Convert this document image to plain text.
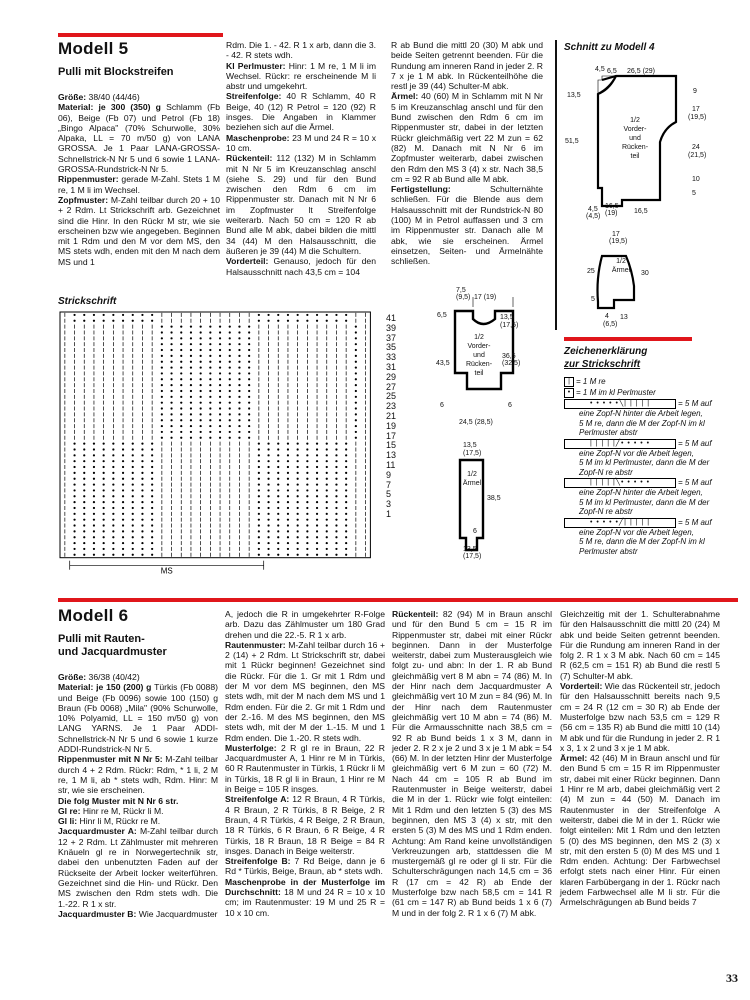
Modell 5
Pulli mit Blockstreifen

Größe: 38/40 (44/46)

Material: je 300 (350) g Schlamm (Fb 06), Beige (Fb 07) und Petrol (Fb 18) „Bingo Alpaca" (70% Schurwolle, 30% Alpaka, LL = 70 m/50 g) von LANA GROSSA. Je 1 Paar LANA-GROSSA-Schnellstrick-N Nr 5 und 6 sowie 1 LANA-GROSSA-Rundstrick-N Nr 5.

Rippenmuster: gerade M-Zahl. Stets 1 M re, 1 M li im Wechsel.

Zopfmuster: M-Zahl teilbar durch 20 + 10 + 2 Rdm. Lt Strickschrift arb. Gezeichnet sind die Hinr. In den Rückr M str, wie sie erscheinen bzw wie angegeben. Beginnen mit 1 Rdm und den M vor dem MS, den MS stets wdh, enden mit den M nach dem MS und 1

Rdm. Die 1. - 42. R 1 x arb, dann die 3. - 42. R stets wdh.

Kl Perlmuster: Hinr: 1 M re, 1 M li im Wechsel. Rückr: re erscheinende M li abstr und umgekehrt.

Streifenfolge: 40 R Schlamm, 40 R Beige, 40 (12) R Petrol = 120 (92) R insges. Die Angaben in Klammer beziehen sich auf die Ärmel.

Maschenprobe: 23 M und 24 R = 10 x 10 cm.

Rückenteil: 112 (132) M in Schlamm mit N Nr 5 im Kreuzanschlag anschl (siehe S. 29) und für den Bund zwischen den Rdm 6 cm im Rippenmuster str. Danach mit N Nr 6 im Zopfmuster lt Streifenfolge weiterarb. Nach 50 cm = 120 R ab Bund alle M abk, dabei bilden die mittl 34 (44) M den Halsausschnitt, die äußeren je 39 (44) M die Schultern.

Vorderteil: Genauso, jedoch für den Halsausschnitt nach 43,5 cm = 104

R ab Bund die mittl 20 (30) M abk und beide Seiten getrennt beenden. Für die Rundung am inneren Rand in jeder 2. R 7 x je 1 M abk. In Rückenteilhöhe die restl je 39 (44) Schulter-M abk.

Ärmel: 40 (60) M in Schlamm mit N Nr 5 im Kreuzanschlag anschl und für den Bund zwischen den Rdm 6 cm im Rippenmuster str, dabei in der letzten Rückr gleichmäßig vert 22 M zun = 62 (82) M. Danach mit N Nr 6 im Zopfmuster weiterarb, dabei zwischen den Rdm den MS 3 (4) x str. Nach 38,5 cm = 92 R ab Bund alle M abk.

Fertigstellung: Schulternähte schließen. Für die Blende aus dem Halsausschnitt mit der Rundstrick-N 80 (100) M in Petrol auffassen und 3 cm im Rippenmuster str. Danach alle M abk, wie sie erscheinen. Ärmel einsetzen, Seiten- und Ärmelnähte schließen.

Strickschrift
MS
41
39
37
35
33
31
29
27
25
23
21
19
17
15
13
11
9
7
5
3
1
7,5
(9,5) 17 (19)
6,5	13,5
(17,5)
43,5
36,5
(32,5)
6	6
24,5 (28,5)
1/2
Vorder-
und
Rücken-
teil
13,5
(17,5)
38,5
6
13,5
(17,5)
1/2
Ärmel
Schnitt zu Modell 4
4,5 6,5 26,5 (29)
13,5
9
17
(19,5)
51,5
24
(21,5)
10
5
4,5
(4,5)
16,5
(19) 16,5
1/2
Vorder-
und
Rücken-
teil
17
(19,5)
25	30
5
4
(6,5)
13
1/2
Ärmel
Zeichenerklärung
zur Strickschrift
| = 1 M re
• = 1 M im kl Perlmuster
• • • • •╲| | | | |	= 5 M auf
eine Zopf-N hinter die Arbeit legen,
5 M re, dann die M der Zopf-N im kl
Perlmuster abstr
| | | | |╱• • • • •	= 5 M auf
eine Zopf-N vor die Arbeit legen,
5 M im kl Perlmuster, dann die M der
Zopf-N re abstr
| | | | |╲• • • • •	= 5 M auf
eine Zopf-N hinter die Arbeit legen,
5 M im kl Perlmuster, dann die M der
Zopf-N re abstr
• • • • •╱| | | | |	= 5 M auf
eine Zopf-N vor die Arbeit legen,
5 M re, dann die M der Zopf-N im kl
Perlmuster abstr
Modell 6
Pulli mit Rauten-
und Jacquardmuster

Größe: 36/38 (40/42)

Material: je 150 (200) g Türkis (Fb 0088) und Beige (Fb 0096) sowie 100 (150) g Braun (Fb 0068) „Mila" (90% Schurwolle, 10% Polyamid, LL = 150 m/50 g) von LANG YARNS. Je 1 Paar ADDI-Schnellstrick-N Nr 5 und 6 sowie 1 kurze ADDI-Rundstrick-N Nr 5.

Rippenmuster mit N Nr 5: M-Zahl teilbar durch 4 + 2 Rdm. Rückr: Rdm, * 1 li, 2 M re, 1 M li, ab * stets wdh, Rdm. Hinr: M str, wie sie erscheinen.

Die folg Muster mit N Nr 6 str.

Gl re: Hinr re M, Rückr li M.

Gl li: Hinr li M, Rückr re M.

Jacquardmuster A: M-Zahl teilbar durch 12 + 2 Rdm. Lt Zählmuster mit mehreren Knäueln gl re in Norwegertechnik str, dabei den unbenutzten Faden auf der Rückseite der Arbeit locker weiterführen. Gezeichnet sind die Hin- und Rückr. Den MS zwischen den Rdm stets wdh. Die 1.-22. R 1 x str.

Jacquardmuster B: Wie Jacquardmuster

A, jedoch die R in umgekehrter R-Folge arb. Dazu das Zählmuster um 180 Grad drehen und die 22.-5. R 1 x arb.

Rautenmuster: M-Zahl teilbar durch 16 + 2 (14) + 2 Rdm. Lt Strickschrift str, dabei mit 1 Rückr beginnen! Gezeichnet sind die Rückr. Für die 1. Gr mit 1 Rdm und der M vor dem MS beginnen, den MS stets wdh, mit der M nach dem MS und 1 Rdm enden. Für die 2. Gr mit 1 Rdm und der 2.-16. M des MS beginnen, den MS stets wdh, mit der M der 1.-15. M und 1 Rdm enden. Die 1.-20. R stets wdh.

Musterfolge: 2 R gl re in Braun, 22 R Jacquardmuster A, 1 Hinr re M in Türkis, 60 R Rautenmuster in Türkis, 1 Rückr li M in Türkis, 18 R gl li in Braun, 1 Hinr re M in Beige = 105 R insges.

Streifenfolge A: 12 R Braun, 4 R Türkis, 4 R Braun, 2 R Türkis, 8 R Beige, 2 R Braun, 4 R Türkis, 4 R Beige, 2 R Braun, 18 R Türkis, 6 R Braun, 6 R Beige, 4 R Türkis, 18 R Braun, 18 R Beige = 84 R insges. Danach in Beige weiterstr.

Streifenfolge B: 7 Rd Beige, dann je 6 Rd * Türkis, Beige, Braun, ab * stets wdh.

Maschenprobe in der Musterfolge im Durchschnitt: 18 M und 24 R = 10 x 10 cm; im Rautenmuster: 19 M und 25 R = 10 x 10 cm.

Rückenteil: 82 (94) M in Braun anschl und für den Bund 5 cm = 15 R im Rippenmuster str, dabei mit einer Rückr beginnen. Dann in der Musterfolge weiterstr, dabei zum Musterausgleich wie folgt zu- und abn: In der 1. R ab Bund gleichmäßig vert 8 M abn = 74 (86) M. In der Hinr nach dem Jacquardmuster A gleichmäßig vert 10 M zun = 84 (96) M. In der Hinr nach dem Rautenmuster gleichmäßig vert 10 M abn = 74 (86) M. Für die Armausschnitte nach 38,5 cm = 92 R ab Bund beids 1 x 3 M, dann in jeder 2. R 2 x je 2 und 3 x je 1 M abk = 54 (66) M. In der letzten Hinr der Musterfolge gleichmäßig vert 6 M zun = 60 (72) M. Nach 44 cm = 105 R ab Bund im Rautenmuster in Beige weiterstr, dabei die M in der 1. Rückr wie folgt einteilen: Mit 1 Rdm und den letzten 5 (3) des MS beginnen, den MS 3 (4) x str, mit den ersten 5 (3) M des MS und 1 Rdm enden. Achtung: Am Rand keine unvollständigen Verkreuzungen arb, stattdessen die M mustergemäß gl re oder gl li str. Für die Schulterschrägungen nach 14,5 cm = 36 R (17 cm = 42 R) ab Ende der Musterfolge bzw nach 58,5 cm = 141 R (61 cm = 147 R) ab Bund beids 1 x 6 (7) M und in der folg 2. R 1 x 6 (7) M abk.

Gleichzeitig mit der 1. Schulterabnahme für den Halsausschnitt die mittl 20 (24) M abk und beide Seiten getrennt beenden. Für die Rundung am inneren Rand in der folg 2. R 1 x 3 M abk. Nach 60 cm = 145 R (62,5 cm = 151 R) ab Bund die restl 5 (7) Schulter-M abk.

Vorderteil: Wie das Rückenteil str, jedoch für den Halsausschnitt bereits nach 9,5 cm = 24 R (12 cm = 30 R) ab Ende der Musterfolge bzw nach 53,5 cm = 129 R (56 cm = 135 R) ab Bund die mittl 10 (14) M abk und für die Rundung in jeder 2. R 1 x 3, 1 x 2 und 3 x je 1 M abk.

Ärmel: 42 (46) M in Braun anschl und für den Bund 5 cm = 15 R im Rippenmuster str, dabei mit einer Rückr beginnen. Dann 1 Hinr re M arb, dabei gleichmäßig vert 2 (4) M zun = 44 (50) M. Danach im Rautenmuster in der Streifenfolge A weiterstr, dabei die M in der 1. Rückr wie folgt einteilen: Mit 1 Rdm und den letzten 5 (0) des MS beginnen, den MS 2 (3) x str, mit den ersten 5 (0) M des MS und 1 Rdm enden. Achtung: Der Farbwechsel erfolgt stets nach einer Hinr. Für einen klaren Farbübergang in der 1. Rückr nach jedem Farbwechsel alle M li str. Für die Ärmelschrägungen ab Bund beids 7

33
